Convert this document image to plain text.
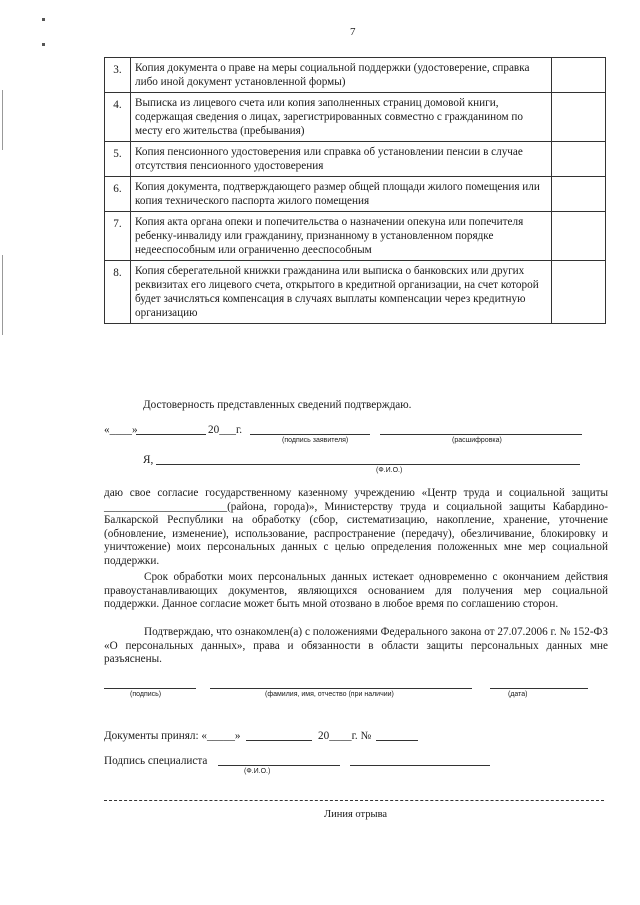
7
3.	Копия документа о праве на меры социальной поддержки (удостоверение, справка либо иной документ установленной формы)	
4.	Выписка из лицевого счета или копия заполненных страниц домовой книги, содержащая сведения о лицах, зарегистрированных совместно с гражданином по месту его жительства (пребывания)	
5.	Копия пенсионного удостоверения или справка об установлении пенсии в случае отсутствия пенсионного удостоверения	
6.	Копия документа, подтверждающего размер общей площади жилого помещения или копия технического паспорта жилого помещения	
7.	Копия акта органа опеки и попечительства о назначении опекуна или попечителя ребенку-инвалиду или гражданину, признанному в установленном порядке недееспособным или ограниченно дееспособным	
8.	Копия сберегательной книжки гражданина или выписка о банковских или других реквизитах его лицевого счета, открытого в кредитной организации, на счет которой будет зачисляться компенсация в случаях выплаты компенсации через кредитную организацию	
Достоверность представленных сведений подтверждаю.
«____»	20___г.
(подпись заявителя)	(расшифровка)
Я,
(Ф.И.О.)
даю свое согласие государственному казенному учреждению «Центр труда и социальной защиты ______________________(района, города)», Министерству труда и социальной защиты Кабардино-Балкарской Республики на обработку (сбор, систематизацию, накопление, хранение, уточнение (обновление, изменение), использование, распространение (передачу), обезличивание, блокировку и уничтожение) моих персональных данных с целью определения положенных мне мер социальной поддержки.
Срок обработки моих персональных данных истекает одновременно с окончанием действия правоустанавливающих документов, являющихся основанием для получения мер социальной поддержки. Данное согласие может быть мной отозвано в любое время по соглашению сторон.
Подтверждаю, что ознакомлен(а) с положениями Федерального закона от 27.07.2006 г. № 152-ФЗ «О персональных данных», права и обязанности в области защиты персональных данных мне разъяснены.
(подпись)	(фамилия, имя, отчество (при наличии)	(дата)
Документы принял: «_____»	20____г. №
Подпись специалиста
(Ф.И.О.)
Линия отрыва
